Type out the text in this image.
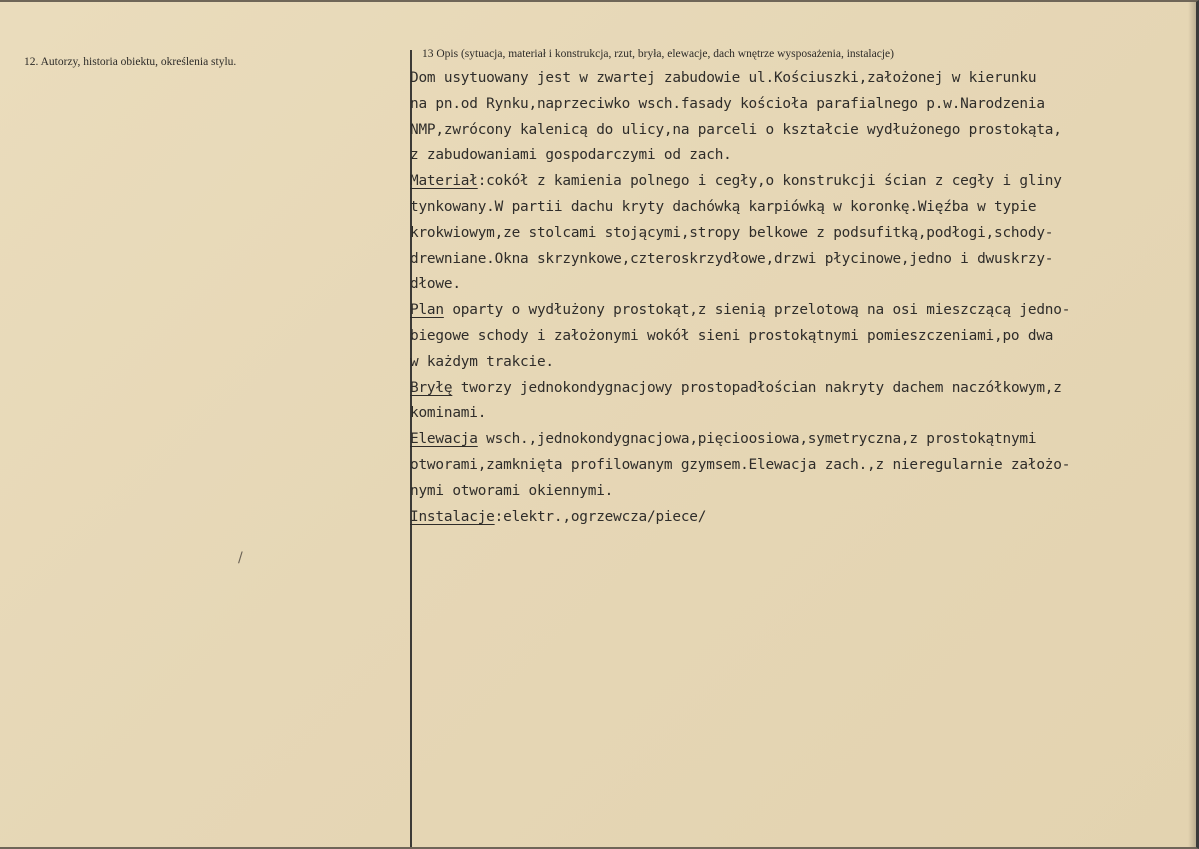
12. Autorzy, historia obiektu, określenia stylu.
/
13 Opis (sytuacja, materiał i konstrukcja, rzut, bryła, elewacje, dach wnętrze wysposażenia, instalacje)
Dom usytuowany jest w zwartej zabudowie ul.Kościuszki,założonej w kierunku
na pn.od Rynku,naprzeciwko wsch.fasady kościoła parafialnego p.w.Narodzenia
NMP,zwrócony kalenicą do ulicy,na parceli o kształcie wydłużonego prostokąta,
z zabudowaniami gospodarczymi od zach.
Materiał:cokół z kamienia polnego i cegły,o konstrukcji ścian z cegły i gliny
tynkowany.W partii dachu kryty dachówką karpiówką w koronkę.Więźba w typie
krokwiowym,ze stolcami stojącymi,stropy belkowe z podsufitką,podłogi,schody-
drewniane.Okna skrzynkowe,czteroskrzydłowe,drzwi płycinowe,jedno i dwuskrzy-
dłowe.
Plan oparty o wydłużony prostokąt,z sienią przelotową na osi mieszczącą jedno-
biegowe schody i założonymi wokół sieni prostokątnymi pomieszczeniami,po dwa
w każdym trakcie.
Bryłę tworzy jednokondygnacjowy prostopadłościan nakryty dachem naczółkowym,z
kominami.
Elewacja wsch.,jednokondygnacjowa,pięcioosiowa,symetryczna,z prostokątnymi
otworami,zamknięta profilowanym gzymsem.Elewacja zach.,z nieregularnie założo-
nymi otworami okiennymi.
Instalacje:elektr.,ogrzewcza/piece/
